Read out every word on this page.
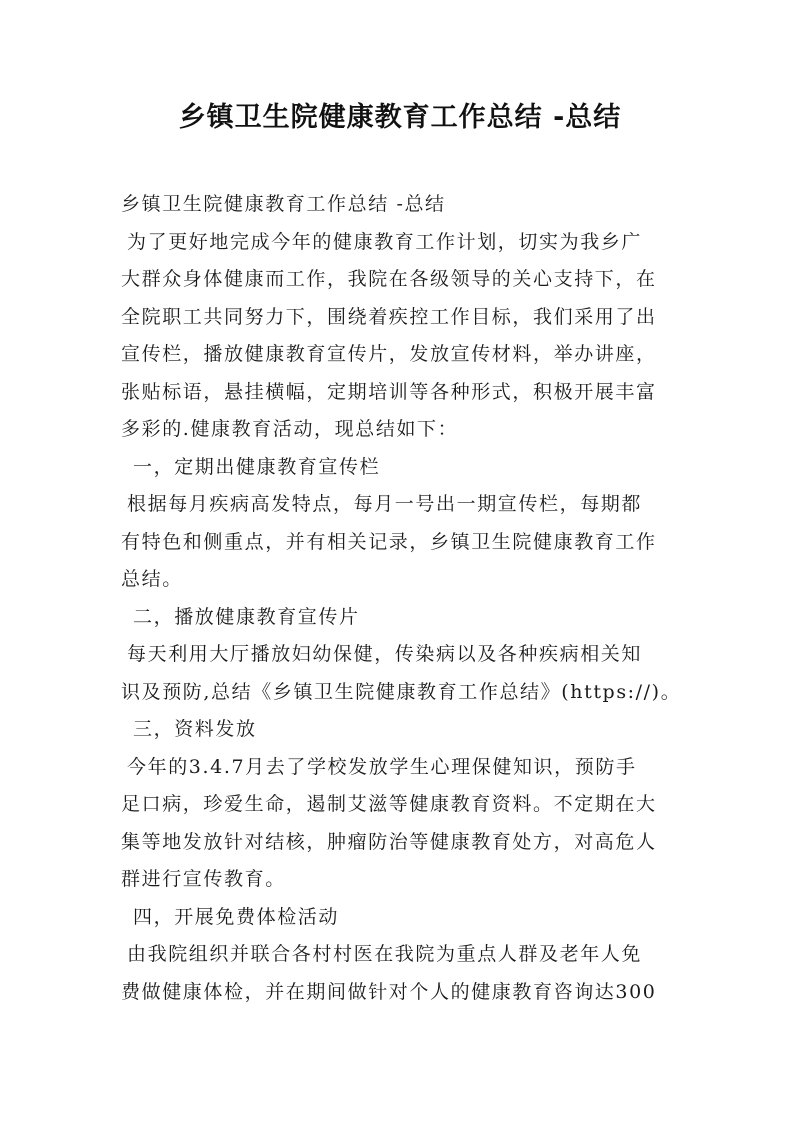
乡镇卫生院健康教育工作总结 -总结
乡镇卫生院健康教育工作总结 -总结
为了更好地完成今年的健康教育工作计划，切实为我乡广
大群众身体健康而工作，我院在各级领导的关心支持下，在
全院职工共同努力下，围绕着疾控工作目标，我们采用了出
宣传栏，播放健康教育宣传片，发放宣传材料，举办讲座，
张贴标语，悬挂横幅，定期培训等各种形式，积极开展丰富
多彩的.健康教育活动，现总结如下：
一，定期出健康教育宣传栏
根据每月疾病高发特点，每月一号出一期宣传栏，每期都
有特色和侧重点，并有相关记录，乡镇卫生院健康教育工作
总结。
二，播放健康教育宣传片
每天利用大厅播放妇幼保健，传染病以及各种疾病相关知
识及预防,总结《乡镇卫生院健康教育工作总结》(https://)。
三，资料发放
今年的3.4.7月去了学校发放学生心理保健知识，预防手
足口病，珍爱生命，遏制艾滋等健康教育资料。不定期在大
集等地发放针对结核，肿瘤防治等健康教育处方，对高危人
群进行宣传教育。
四，开展免费体检活动
由我院组织并联合各村村医在我院为重点人群及老年人免
费做健康体检，并在期间做针对个人的健康教育咨询达300
